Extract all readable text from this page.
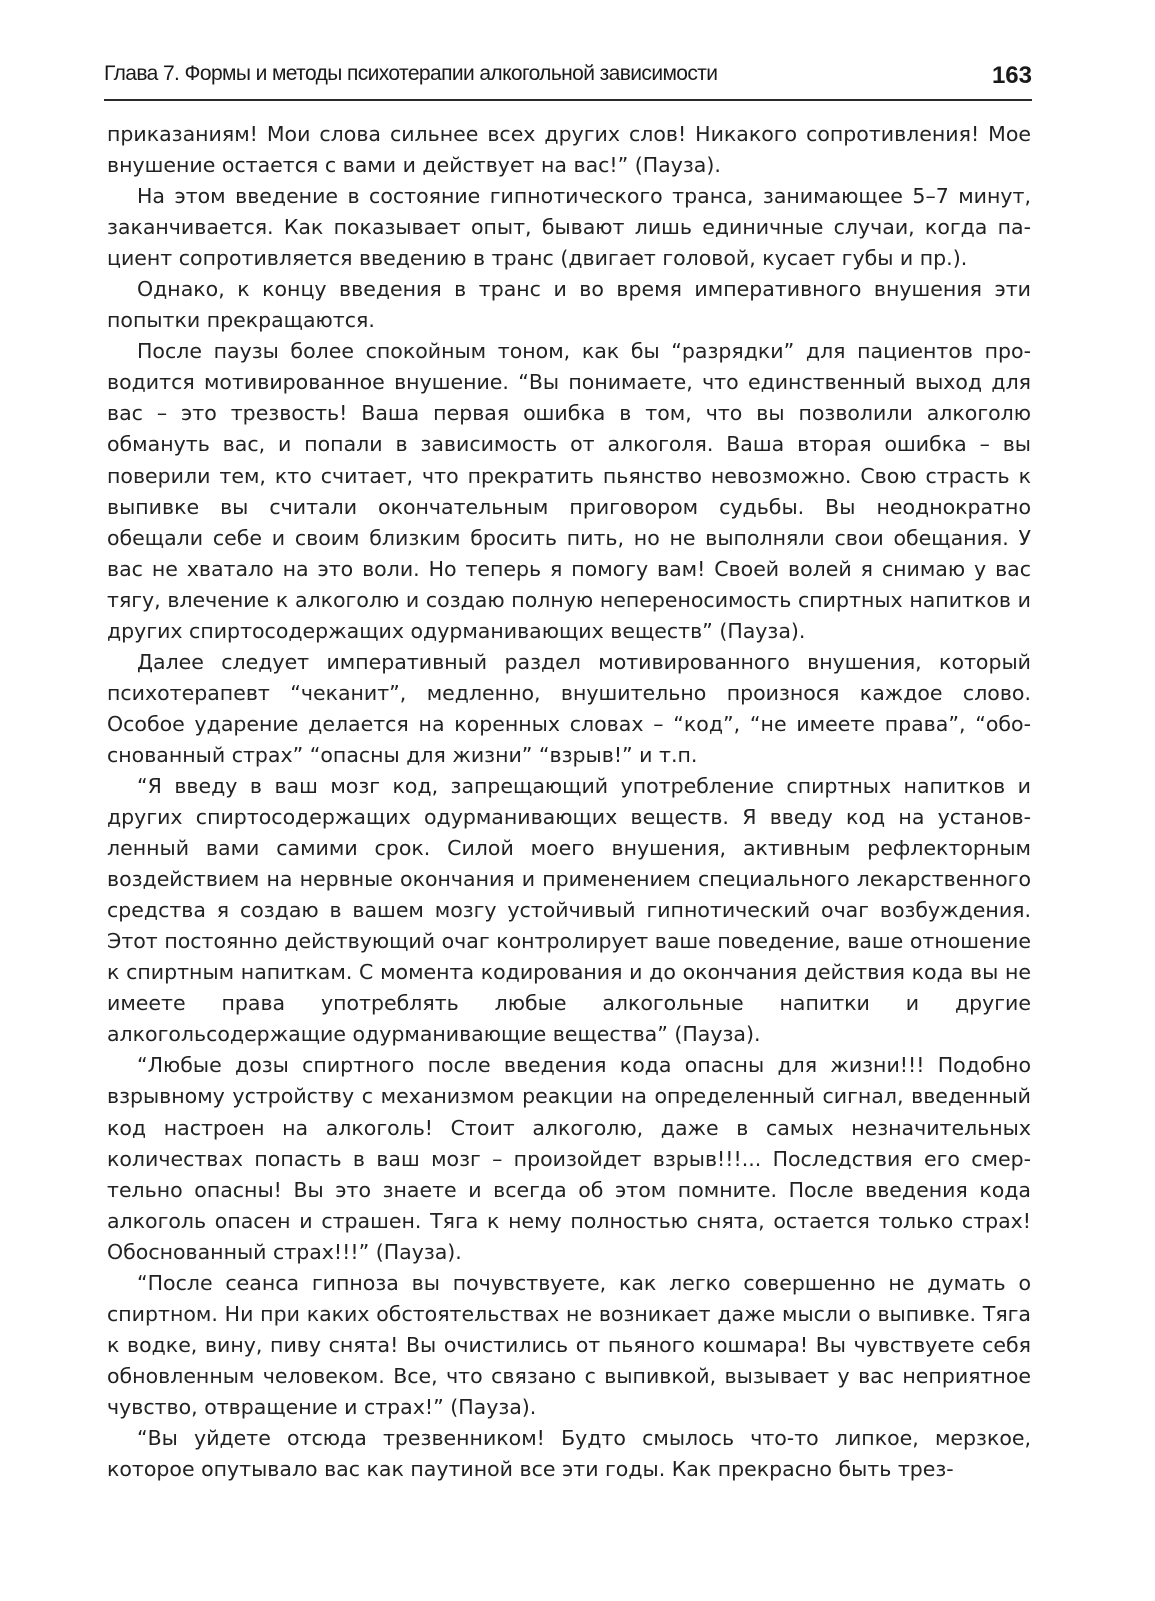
Глава 7. Формы и методы психотерапии алкогольной зависимости	163

приказаниям! Мои слова сильнее всех других слов! Никакого сопротивления! Мое внушение остается с вами и действует на вас!” (Пауза).

На этом введение в состояние гипнотического транса, занимающее 5–7 минут, заканчивается. Как показывает опыт, бывают лишь единичные случаи, когда пациент сопротивляется введению в транс (двигает головой, кусает губы и пр.).

Однако, к концу введения в транс и во время императивного внушения эти попытки прекращаются.

После паузы более спокойным тоном, как бы “разрядки” для пациентов проводится мотивированное внушение. “Вы понимаете, что единственный выход для вас – это трезвость! Ваша первая ошибка в том, что вы позволили алкоголю обмануть вас, и попали в зависимость от алкоголя. Ваша вторая ошибка – вы поверили тем, кто считает, что прекратить пьянство невозможно. Свою страсть к выпивке вы считали окончательным приговором судьбы. Вы неоднократно обещали себе и своим близким бросить пить, но не выполняли свои обещания. У вас не хватало на это воли. Но теперь я помогу вам! Своей волей я снимаю у вас тягу, влечение к алкоголю и создаю полную непереносимость спиртных напитков и других спиртосодержащих одурманивающих веществ” (Пауза).

Далее следует императивный раздел мотивированного внушения, который психотерапевт “чеканит”, медленно, внушительно произнося каждое слово. Особое ударение делается на коренных словах – “код”, “не имеете права”, “обоснованный страх” “опасны для жизни” “взрыв!” и т.п.

“Я введу в ваш мозг код, запрещающий употребление спиртных напитков и других спиртосодержащих одурманивающих веществ. Я введу код на установленный вами самими срок. Силой моего внушения, активным рефлекторным воздействием на нервные окончания и применением специального лекарственного средства я создаю в вашем мозгу устойчивый гипнотический очаг возбуждения. Этот постоянно действующий очаг контролирует ваше поведение, ваше отношение к спиртным напиткам. С момента кодирования и до окончания действия кода вы не имеете права употреблять любые алкогольные напитки и другие алкогольсодержащие одурманивающие вещества” (Пауза).

“Любые дозы спиртного после введения кода опасны для жизни!!! Подобно взрывному устройству с механизмом реакции на определенный сигнал, введенный код настроен на алкоголь! Стоит алкоголю, даже в самых незначительных количествах попасть в ваш мозг – произойдет взрыв!!!... Последствия его смертельно опасны! Вы это знаете и всегда об этом помните. После введения кода алкоголь опасен и страшен. Тяга к нему полностью снята, остается только страх! Обоснованный страх!!!” (Пауза).

“После сеанса гипноза вы почувствуете, как легко совершенно не думать о спиртном. Ни при каких обстоятельствах не возникает даже мысли о выпивке. Тяга к водке, вину, пиву снята! Вы очистились от пьяного кошмара! Вы чувствуете себя обновленным человеком. Все, что связано с выпивкой, вызывает у вас неприятное чувство, отвращение и страх!” (Пауза).

“Вы уйдете отсюда трезвенником! Будто смылось что-то липкое, мерзкое, которое опутывало вас как паутиной все эти годы. Как прекрасно быть трез-
